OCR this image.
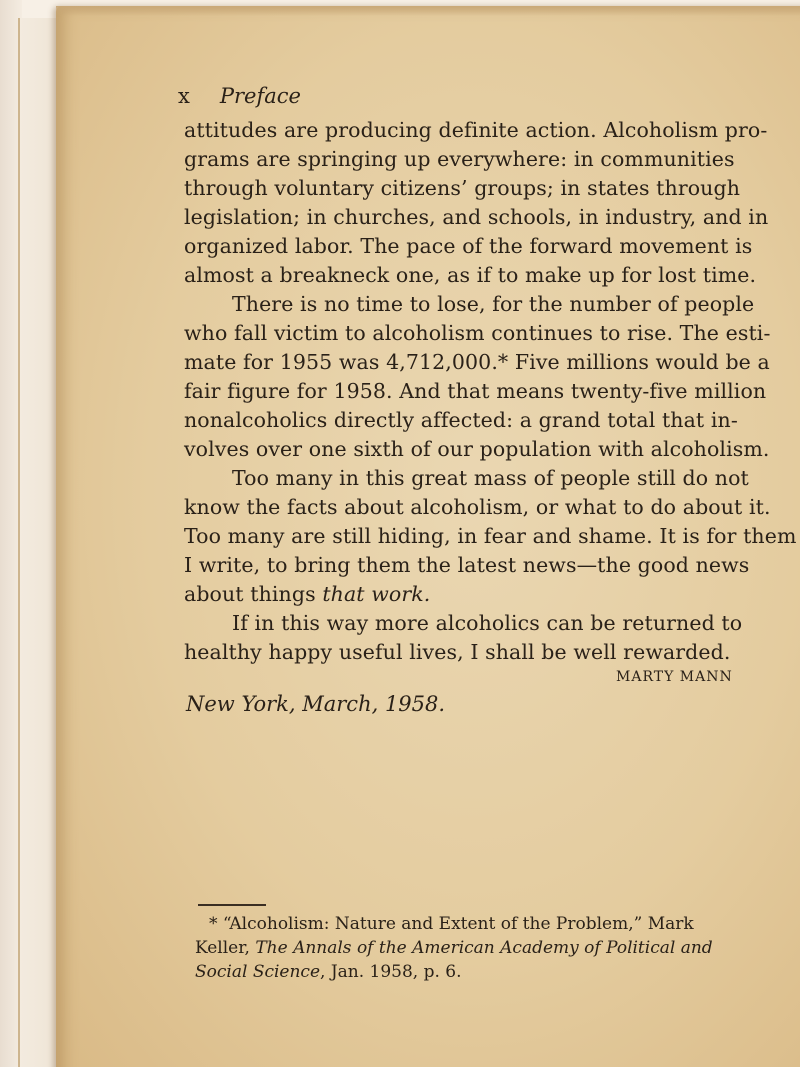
x Preface
attitudes are producing definite action. Alcoholism pro-
grams are springing up everywhere: in communities
through voluntary citizens’ groups; in states through
legislation; in churches, and schools, in industry, and in
organized labor. The pace of the forward movement is
almost a breakneck one, as if to make up for lost time.
There is no time to lose, for the number of people
who fall victim to alcoholism continues to rise. The esti-
mate for 1955 was 4,712,000.* Five millions would be a
fair figure for 1958. And that means twenty-five million
nonalcoholics directly affected: a grand total that in-
volves over one sixth of our population with alcoholism.
Too many in this great mass of people still do not
know the facts about alcoholism, or what to do about it.
Too many are still hiding, in fear and shame. It is for them
I write, to bring them the latest news—the good news
about things that work.
If in this way more alcoholics can be returned to
healthy happy useful lives, I shall be well rewarded.
MARTY MANN
New York, March, 1958.
* “Alcoholism: Nature and Extent of the Problem,” Mark
Keller, The Annals of the American Academy of Political and
Social Science, Jan. 1958, p. 6.
